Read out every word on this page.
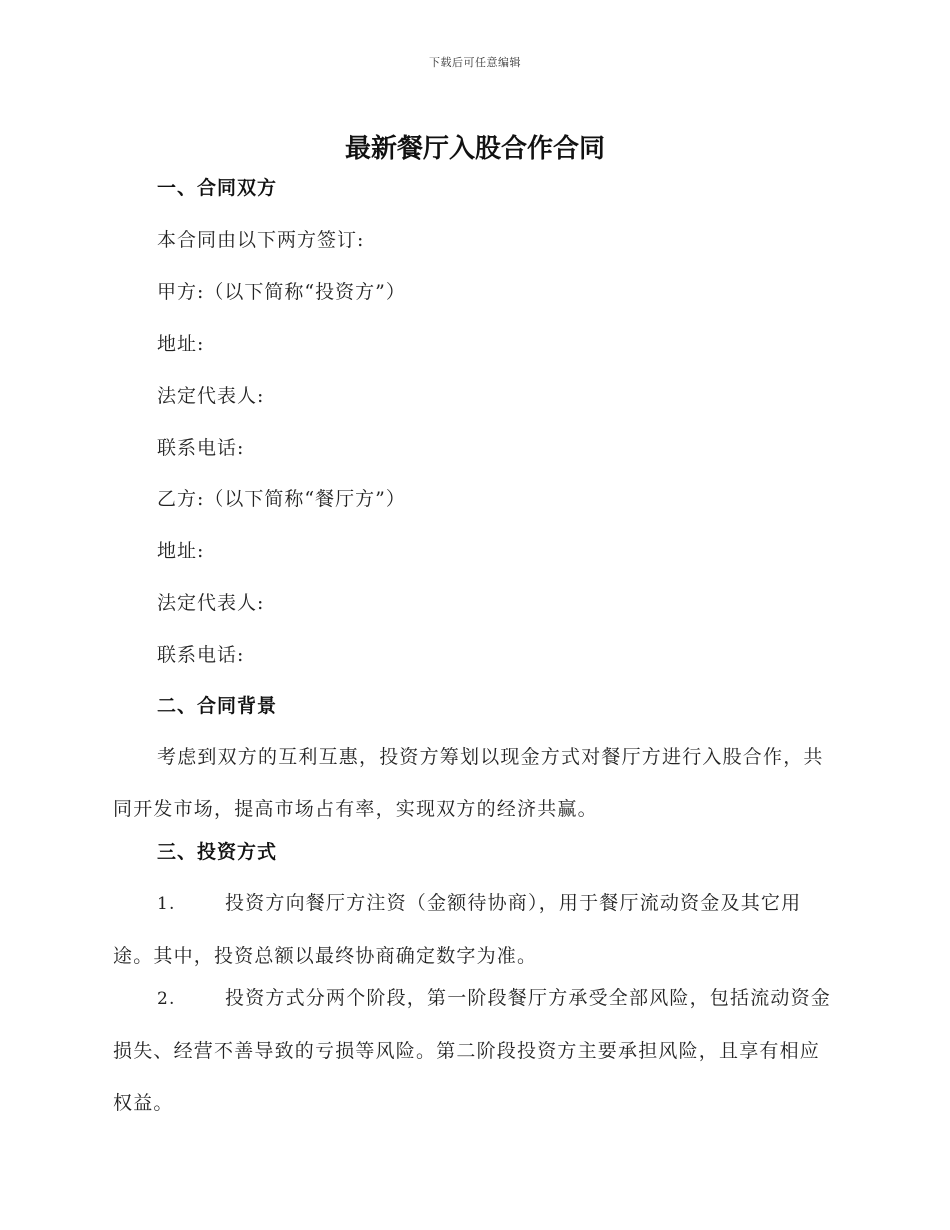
下载后可任意编辑
最新餐厅入股合作合同
一、合同双方
本合同由以下两方签订:
甲方:（以下简称“投资方”）
地址:
法定代表人:
联系电话:
乙方:（以下简称“餐厅方”）
地址:
法定代表人:
联系电话:
二、合同背景

考虑到双方的互利互惠，投资方筹划以现金方式对餐厅方进行入股合作，共同开发市场，提高市场占有率，实现双方的经济共赢。

三、投资方式

1.	投资方向餐厅方注资（金额待协商），用于餐厅流动资金及其它用途。其中，投资总额以最终协商确定数字为准。

2.	投资方式分两个阶段，第一阶段餐厅方承受全部风险，包括流动资金损失、经营不善导致的亏损等风险。第二阶段投资方主要承担风险，且享有相应权益。
